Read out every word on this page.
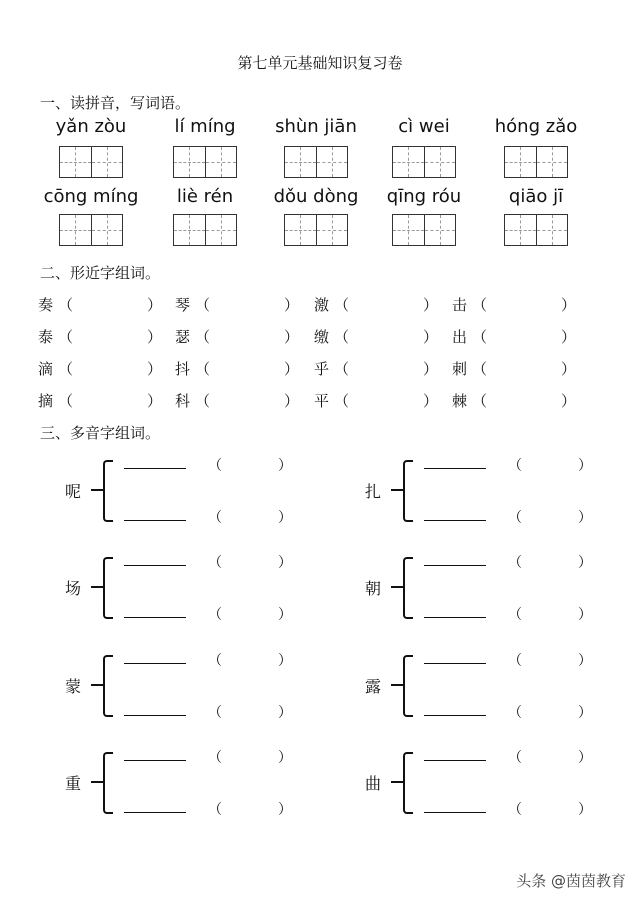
第七单元基础知识复习卷
一、读拼音，写词语。
yǎn zòu	lí míng	shùn jiān	cì wei	hóng zǎo
cōng míng	liè rén	dǒu dòng	qīng róu	qiāo jī
二、形近字组词。
奏 （	） 琴 （	） 激 （	） 击 （	）
泰 （	） 瑟 （	） 缴 （	） 出 （	）
滴 （	） 抖 （	） 乎 （	） 刺 （	）
摘 （	） 科 （	） 平 （	） 棘 （	）
三、多音字组词。
呢
（	）
（	）
扎
（	）
（	）
场
（	）
（	）
朝
（	）
（	）
蒙
（	）
（	）
露
（	）
（	）
重
（	）
（	）
曲
（	）
（	）
头条 @茵茵教育
